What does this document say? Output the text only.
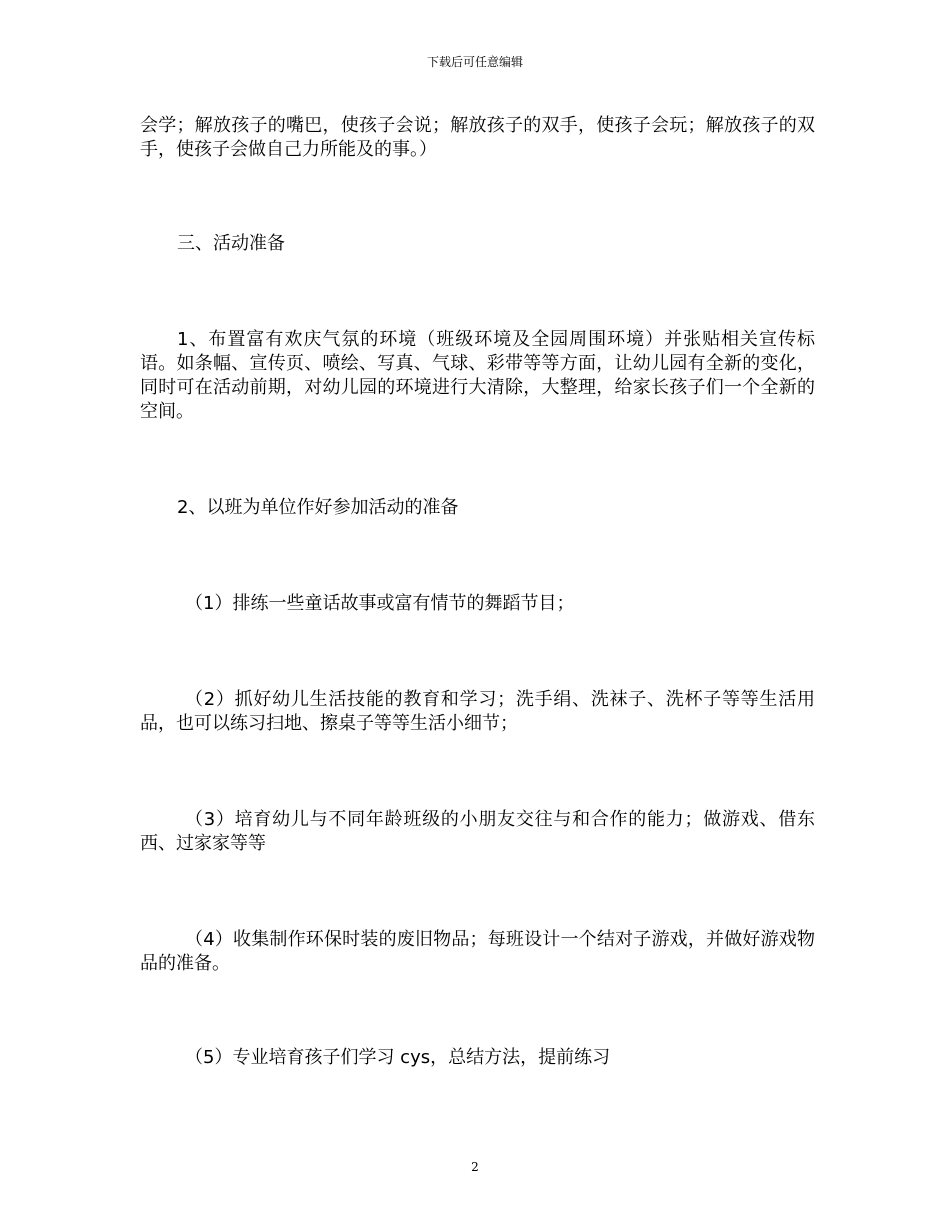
下载后可任意编辑
会学；解放孩子的嘴巴，使孩子会说；解放孩子的双手，使孩子会玩；解放孩子的双手，使孩子会做自己力所能及的事。）
三、活动准备
1、布置富有欢庆气氛的环境（班级环境及全园周围环境）并张贴相关宣传标语。如条幅、宣传页、喷绘、写真、气球、彩带等等方面，让幼儿园有全新的变化，同时可在活动前期，对幼儿园的环境进行大清除，大整理，给家长孩子们一个全新的空间。
2、以班为单位作好参加活动的准备
（1）排练一些童话故事或富有情节的舞蹈节目；
（2）抓好幼儿生活技能的教育和学习；洗手绢、洗袜子、洗杯子等等生活用品，也可以练习扫地、擦桌子等等生活小细节；
（3）培育幼儿与不同年龄班级的小朋友交往与和合作的能力；做游戏、借东西、过家家等等
（4）收集制作环保时装的废旧物品；每班设计一个结对子游戏，并做好游戏物品的准备。
（5）专业培育孩子们学习 cys，总结方法，提前练习
2
